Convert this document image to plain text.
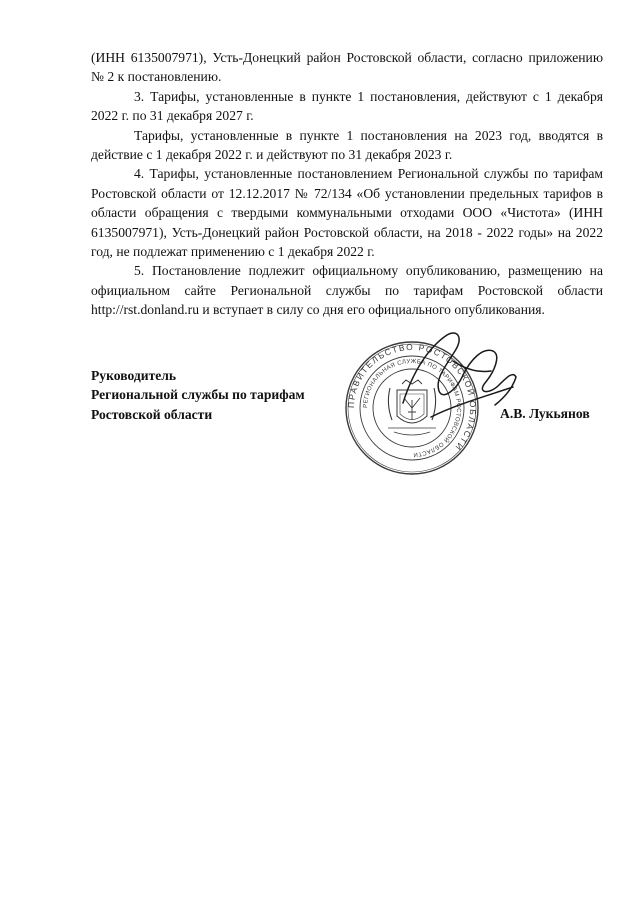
(ИНН 6135007971), Усть-Донецкий район Ростовской области, согласно приложению № 2 к постановлению.

3. Тарифы, установленные в пункте 1 постановления, действуют с 1 декабря 2022 г. по 31 декабря 2027 г.

Тарифы, установленные в пункте 1 постановления на 2023 год, вводятся в действие с 1 декабря 2022 г. и действуют по 31 декабря 2023 г.

4. Тарифы, установленные постановлением Региональной службы по тарифам Ростовской области от 12.12.2017 № 72/134 «Об установлении предельных тарифов в области обращения с твердыми коммунальными отходами ООО «Чистота» (ИНН 6135007971), Усть-Донецкий район Ростовской области, на 2018 - 2022 годы» на 2022 год, не подлежат применению с 1 декабря 2022 г.

5. Постановление подлежит официальному опубликованию, размещению на официальном сайте Региональной службы по тарифам Ростовской области http://rst.donland.ru и вступает в силу со дня его официального опубликования.

Руководитель
Региональной службы по тарифам
Ростовской области
ПРАВИТЕЛЬСТВО РОСТОВСКОЙ ОБЛАСТИ
РЕГИОНАЛЬНАЯ СЛУЖБА ПО ТАРИФАМ РОСТОВСКОЙ ОБЛАСТИ
А.В. Лукьянов
